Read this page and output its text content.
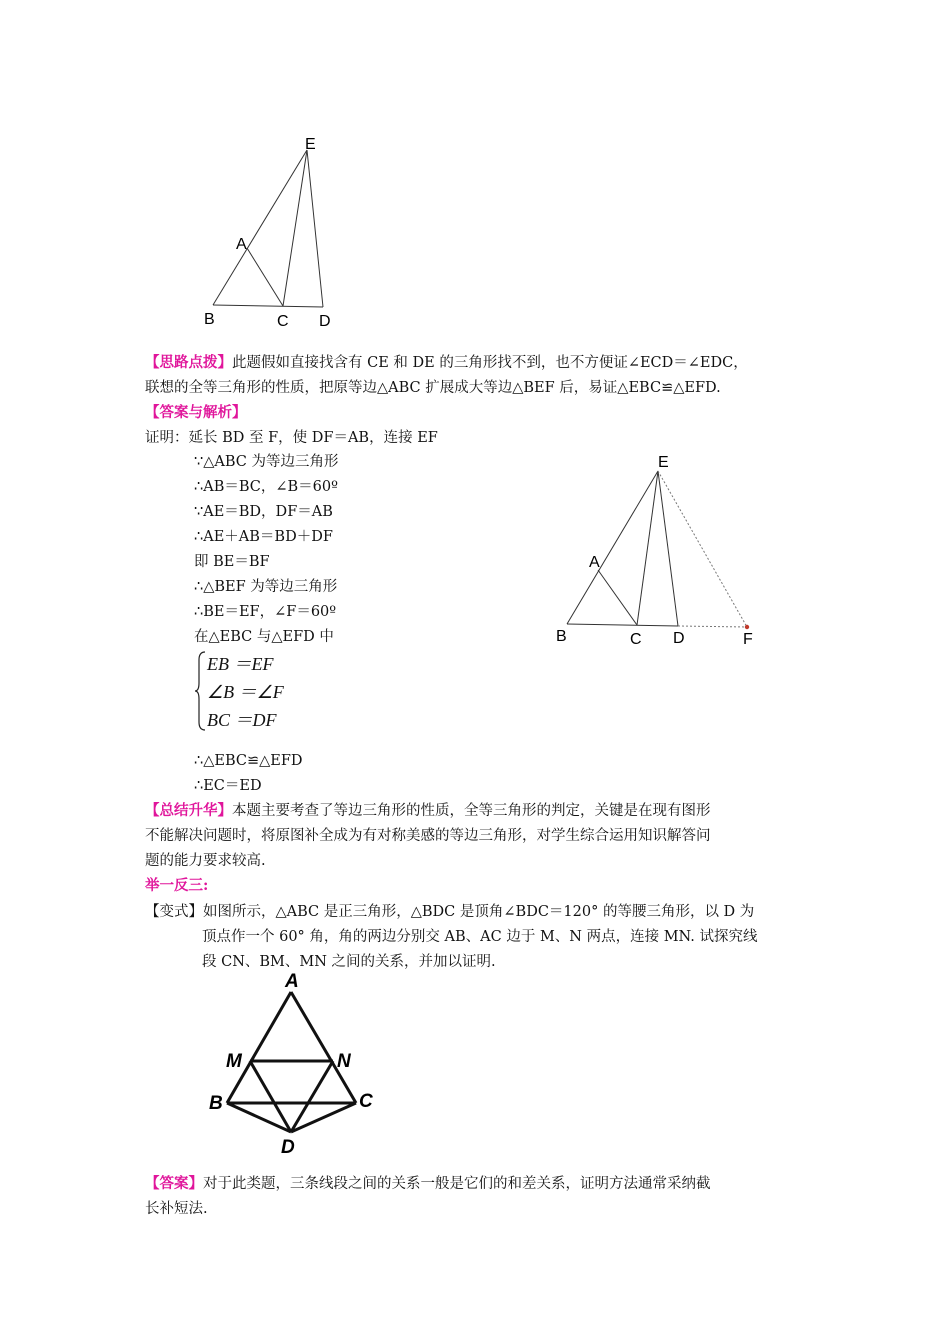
E
A
B	C D
【思路点拨】此题假如直接找含有 CE 和 DE 的三角形找不到，也不方便证∠ECD＝∠EDC，
联想的全等三角形的性质，把原等边△ABC 扩展成大等边△BEF 后，易证△EBC≌△EFD.
【答案与解析】
证明：延长 BD 至 F，使 DF＝AB，连接 EF
∵△ABC 为等边三角形
∴AB＝BC，∠B＝60º
∵AE＝BD，DF＝AB
∴AE＋AB＝BD＋DF
即 BE＝BF
∴△BEF 为等边三角形
∴BE＝EF，∠F＝60º
在△EBC 与△EFD 中
EB ＝EF
∠B ＝∠F
BC ＝DF
∴△EBC≌△EFD
∴EC＝ED
E
A
B	C D	F
【总结升华】本题主要考查了等边三角形的性质，全等三角形的判定，关键是在现有图形
不能解决问题时，将原图补全成为有对称美感的等边三角形，对学生综合运用知识解答问
题的能力要求较高.
举一反三:
【变式】如图所示，△ABC 是正三角形，△BDC 是顶角∠BDC＝120° 的等腰三角形，以 D 为
顶点作一个 60° 角，角的两边分别交 AB、AC 边于 M、N 两点，连接 MN. 试探究线
段 CN、BM、MN 之间的关系，并加以证明.
A
M	N
B	C
D
【答案】对于此类题，三条线段之间的关系一般是它们的和差关系，证明方法通常采纳截
长补短法.
